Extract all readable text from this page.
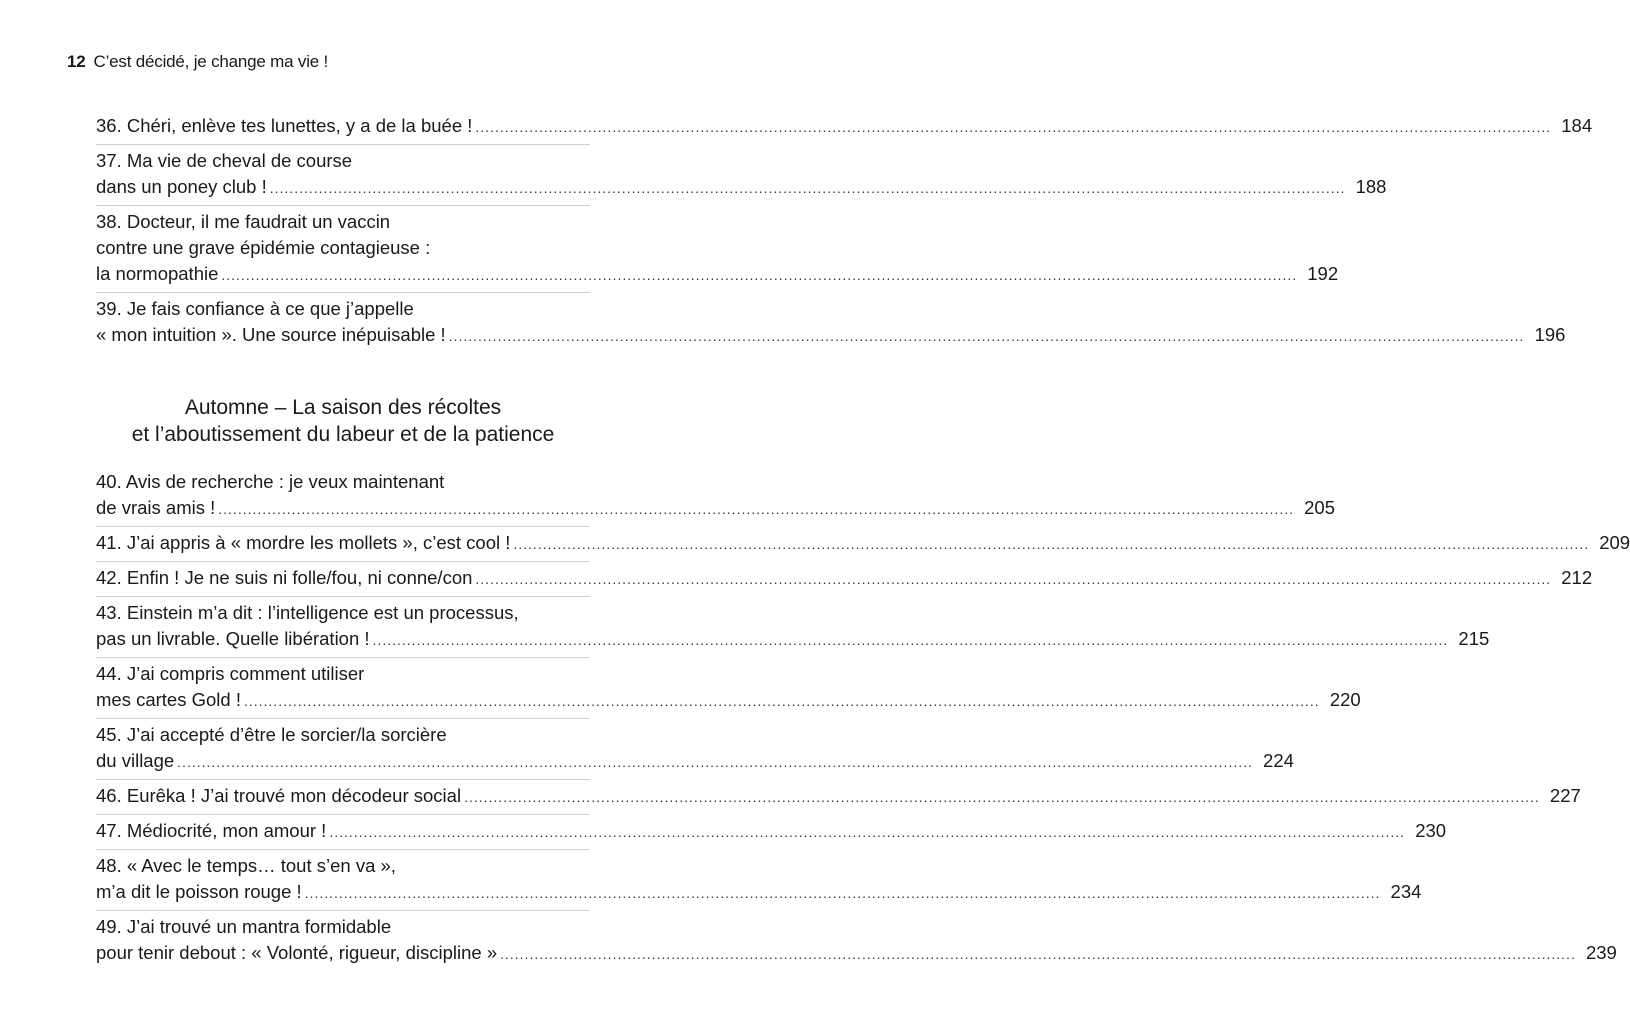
12 C’est décidé, je change ma vie !
36. Chéri, enlève tes lunettes, y a de la buée ! ............................................................................................................................................................................................................................ 184
37. Ma vie de cheval de course
dans un poney club ! ............................................................................................................................................................................................................................ 188
38. Docteur, il me faudrait un vaccin
contre une grave épidémie contagieuse :
la normopathie ............................................................................................................................................................................................................................ 192
39. Je fais confiance à ce que j’appelle
« mon intuition ». Une source inépuisable ! ............................................................................................................................................................................................................................ 196
Automne – La saison des récoltes
et l’aboutissement du labeur et de la patience
40. Avis de recherche : je veux maintenant
de vrais amis ! ............................................................................................................................................................................................................................ 205
41. J’ai appris à « mordre les mollets », c’est cool ! ............................................................................................................................................................................................................................ 209
42. Enfin ! Je ne suis ni folle/fou, ni conne/con ............................................................................................................................................................................................................................ 212
43. Einstein m’a dit : l’intelligence est un processus,
pas un livrable. Quelle libération ! ............................................................................................................................................................................................................................ 215
44. J’ai compris comment utiliser
mes cartes Gold ! ............................................................................................................................................................................................................................ 220
45. J’ai accepté d’être le sorcier/la sorcière
du village ............................................................................................................................................................................................................................ 224
46. Eurêka ! J’ai trouvé mon décodeur social ............................................................................................................................................................................................................................ 227
47. Médiocrité, mon amour ! ............................................................................................................................................................................................................................ 230
48. « Avec le temps… tout s’en va »,
m’a dit le poisson rouge ! ............................................................................................................................................................................................................................ 234
49. J’ai trouvé un mantra formidable
pour tenir debout : « Volonté, rigueur, discipline » ............................................................................................................................................................................................................................ 239
